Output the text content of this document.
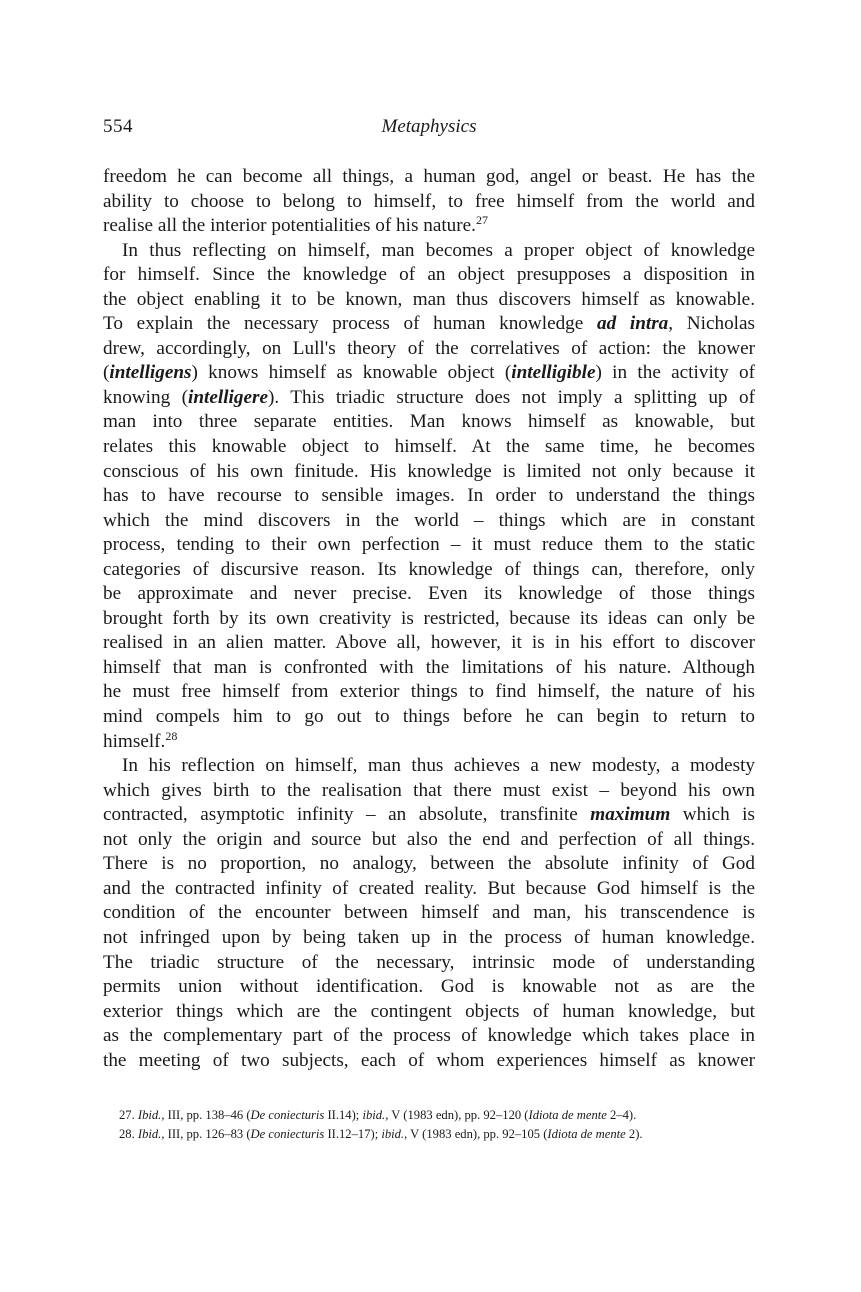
554	Metaphysics

freedom he can become all things, a human god, angel or beast. He has the
ability to choose to belong to himself, to free himself from the world and
realise all the interior potentialities of his nature.$^{27}$

In thus reflecting on himself, man becomes a proper object of knowledge
for himself. Since the knowledge of an object presupposes a disposition in
the object enabling it to be known, man thus discovers himself as knowable.
To explain the necessary process of human knowledge ad intra, Nicholas
drew, accordingly, on Lull's theory of the correlatives of action: the knower
(intelligens) knows himself as knowable object (intelligible) in the activity of
knowing (intelligere). This triadic structure does not imply a splitting up of
man into three separate entities. Man knows himself as knowable, but
relates this knowable object to himself. At the same time, he becomes
conscious of his own finitude. His knowledge is limited not only because it
has to have recourse to sensible images. In order to understand the things
which the mind discovers in the world – things which are in constant
process, tending to their own perfection – it must reduce them to the static
categories of discursive reason. Its knowledge of things can, therefore, only
be approximate and never precise. Even its knowledge of those things
brought forth by its own creativity is restricted, because its ideas can only be
realised in an alien matter. Above all, however, it is in his effort to discover
himself that man is confronted with the limitations of his nature. Although
he must free himself from exterior things to find himself, the nature of his
mind compels him to go out to things before he can begin to return to
himself.$^{28}$

In his reflection on himself, man thus achieves a new modesty, a modesty
which gives birth to the realisation that there must exist – beyond his own
contracted, asymptotic infinity – an absolute, transfinite maximum which is
not only the origin and source but also the end and perfection of all things.
There is no proportion, no analogy, between the absolute infinity of God
and the contracted infinity of created reality. But because God himself is the
condition of the encounter between himself and man, his transcendence is
not infringed upon by being taken up in the process of human knowledge.
The triadic structure of the necessary, intrinsic mode of understanding
permits union without identification. God is knowable not as are the
exterior things which are the contingent objects of human knowledge, but
as the complementary part of the process of knowledge which takes place in
the meeting of two subjects, each of whom experiences himself as knower

27. Ibid., III, pp. 138–46 (De coniecturis II.14); ibid., V (1983 edn), pp. 92–120 (Idiota de mente 2–4).
28. Ibid., III, pp. 126–83 (De coniecturis II.12–17); ibid., V (1983 edn), pp. 92–105 (Idiota de mente 2).
